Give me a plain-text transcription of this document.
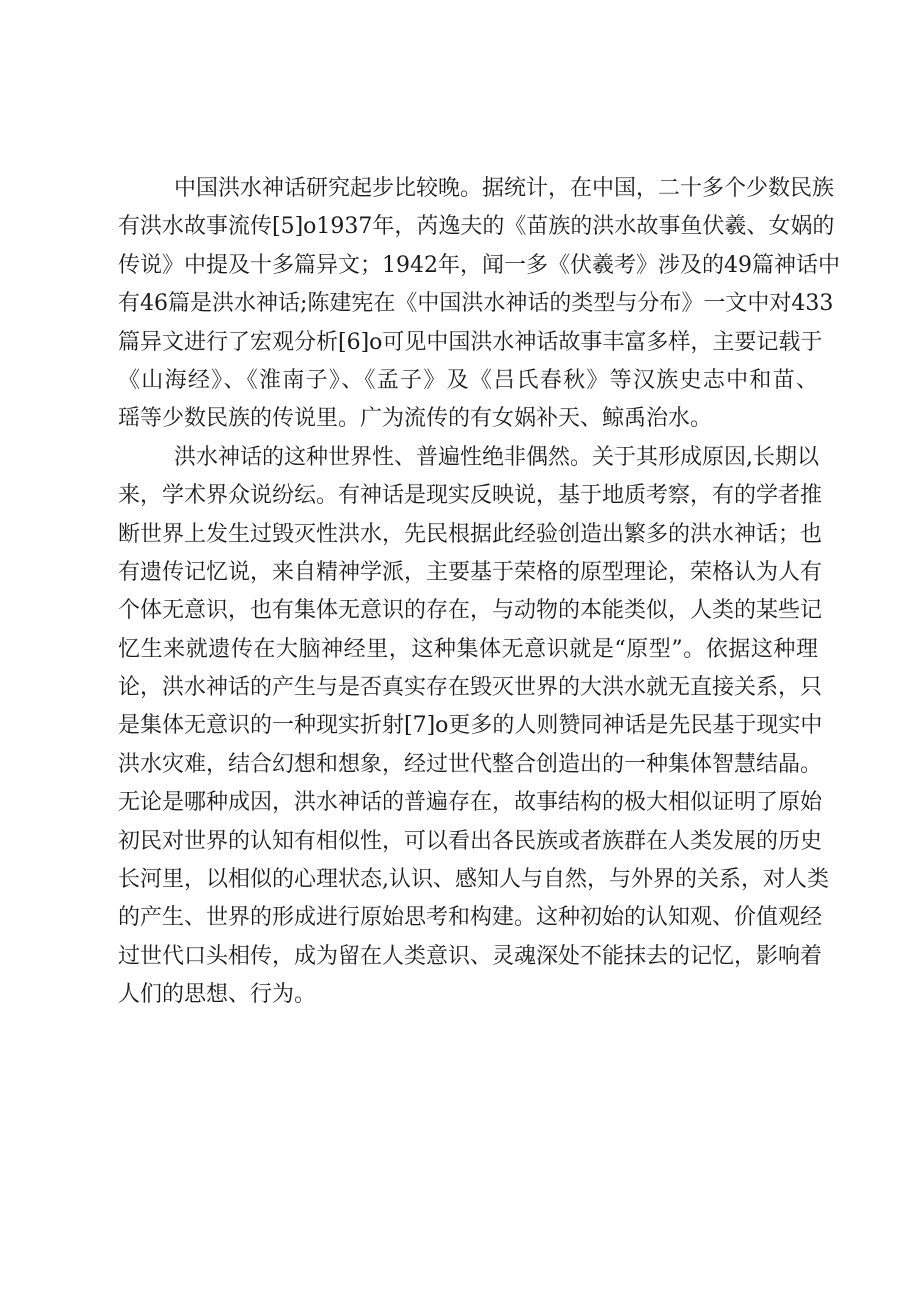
中国洪水神话研究起步比较晚。据统计，在中国，二十多个少数民族
有洪水故事流传[5]o1937年，芮逸夫的《苗族的洪水故事鱼伏羲、女娲的
传说》中提及十多篇异文；1942年，闻一多《伏羲考》涉及的49篇神话中
有46篇是洪水神话;陈建宪在《中国洪水神话的类型与分布》一文中对433
篇异文进行了宏观分析[6]o可见中国洪水神话故事丰富多样，主要记载于
《山海经》、《淮南子》、《孟子》及《吕氏春秋》等汉族史志中和苗、
瑶等少数民族的传说里。广为流传的有女娲补天、鲸禹治水。
洪水神话的这种世界性、普遍性绝非偶然。关于其形成原因,长期以
来，学术界众说纷纭。有神话是现实反映说，基于地质考察，有的学者推
断世界上发生过毁灭性洪水，先民根据此经验创造出繁多的洪水神话；也
有遗传记忆说，来自精神学派，主要基于荣格的原型理论，荣格认为人有
个体无意识，也有集体无意识的存在，与动物的本能类似，人类的某些记
忆生来就遗传在大脑神经里，这种集体无意识就是“原型”。依据这种理
论，洪水神话的产生与是否真实存在毁灭世界的大洪水就无直接关系，只
是集体无意识的一种现实折射[7]o更多的人则赞同神话是先民基于现实中
洪水灾难，结合幻想和想象，经过世代整合创造出的一种集体智慧结晶。
无论是哪种成因，洪水神话的普遍存在，故事结构的极大相似证明了原始
初民对世界的认知有相似性，可以看出各民族或者族群在人类发展的历史
长河里，以相似的心理状态,认识、感知人与自然，与外界的关系，对人类
的产生、世界的形成进行原始思考和构建。这种初始的认知观、价值观经
过世代口头相传，成为留在人类意识、灵魂深处不能抹去的记忆，影响着
人们的思想、行为。
